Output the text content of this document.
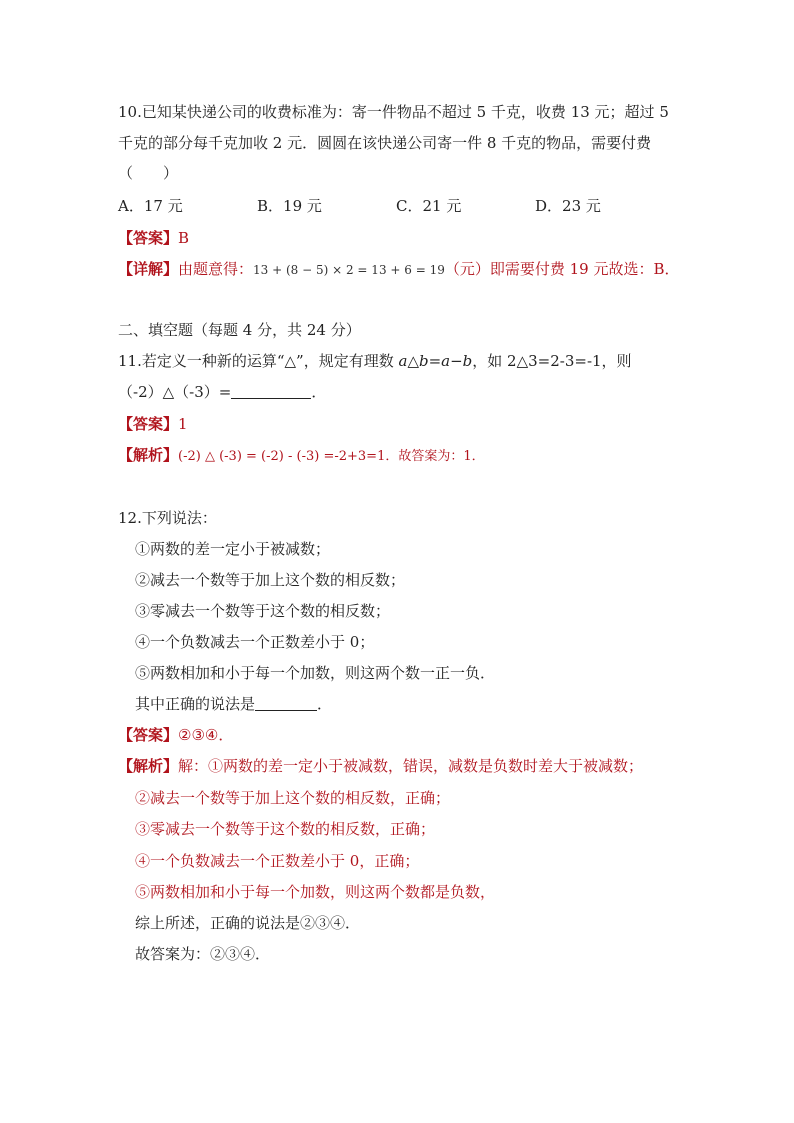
10.已知某快递公司的收费标准为：寄一件物品不超过 5 千克，收费 13 元；超过 5
千克的部分每千克加收 2 元．圆圆在该快递公司寄一件 8 千克的物品，需要付费
（　　）
A．17 元	B．19 元	C．21 元	D．23 元
【答案】B
【详解】由题意得：13 + (8 − 5) × 2 = 13 + 6 = 19（元）即需要付费 19 元故选：B．
二、填空题（每题 4 分，共 24 分）
11.若定义一种新的运算“△”，规定有理数 a△b=a−b，如 2△3=2-3=-1，则
（-2）△（-3）=	．
【答案】1
【解析】(-2) △ (-3) = (-2) - (-3) =-2+3=1．故答案为：1．
12.下列说法：
①两数的差一定小于被减数；
②减去一个数等于加上这个数的相反数；
③零减去一个数等于这个数的相反数；
④一个负数减去一个正数差小于 0；
⑤两数相加和小于每一个加数，则这两个数一正一负．
其中正确的说法是	．
【答案】②③④．
【解析】解：①两数的差一定小于被减数，错误，减数是负数时差大于被减数；
②减去一个数等于加上这个数的相反数，正确；
③零减去一个数等于这个数的相反数，正确；
④一个负数减去一个正数差小于 0，正确；
⑤两数相加和小于每一个加数，则这两个数都是负数，
综上所述，正确的说法是②③④．
故答案为：②③④．
